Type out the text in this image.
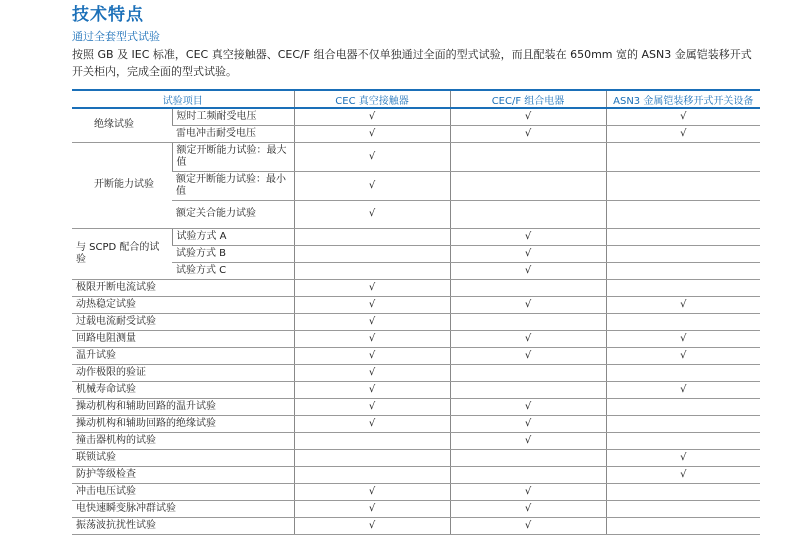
技术特点
通过全套型式试验
按照 GB 及 IEC 标准，CEC 真空接触器、CEC/F 组合电器不仅单独通过全面的型式试验，而且配装在 650mm 宽的 ASN3 金属铠装移开式开关柜内，完成全面的型式试验。
试验项目		CEC 真空接触器	CEC/F 组合电器	ASN3 金属铠装移开式开关设备
绝缘试验	短时工频耐受电压	√	√	√
	雷电冲击耐受电压	√	√	√
开断能力试验	额定开断能力试验：最大值	√		
	额定开断能力试验：最小值	√		
	额定关合能力试验	√		
与 SCPD 配合的试验	试验方式 A		√	
	试验方式 B		√	
	试验方式 C		√	
极限开断电流试验		√		
动热稳定试验		√	√	√
过载电流耐受试验		√		
回路电阻测量		√	√	√
温升试验		√	√	√
动作极限的验证		√		
机械寿命试验		√		√
操动机构和辅助回路的温升试验		√	√	
操动机构和辅助回路的绝缘试验		√	√	
撞击器机构的试验			√	
联锁试验				√
防护等级检查				√
冲击电压试验		√	√	
电快速瞬变脉冲群试验		√	√	
振荡波抗扰性试验		√	√	
